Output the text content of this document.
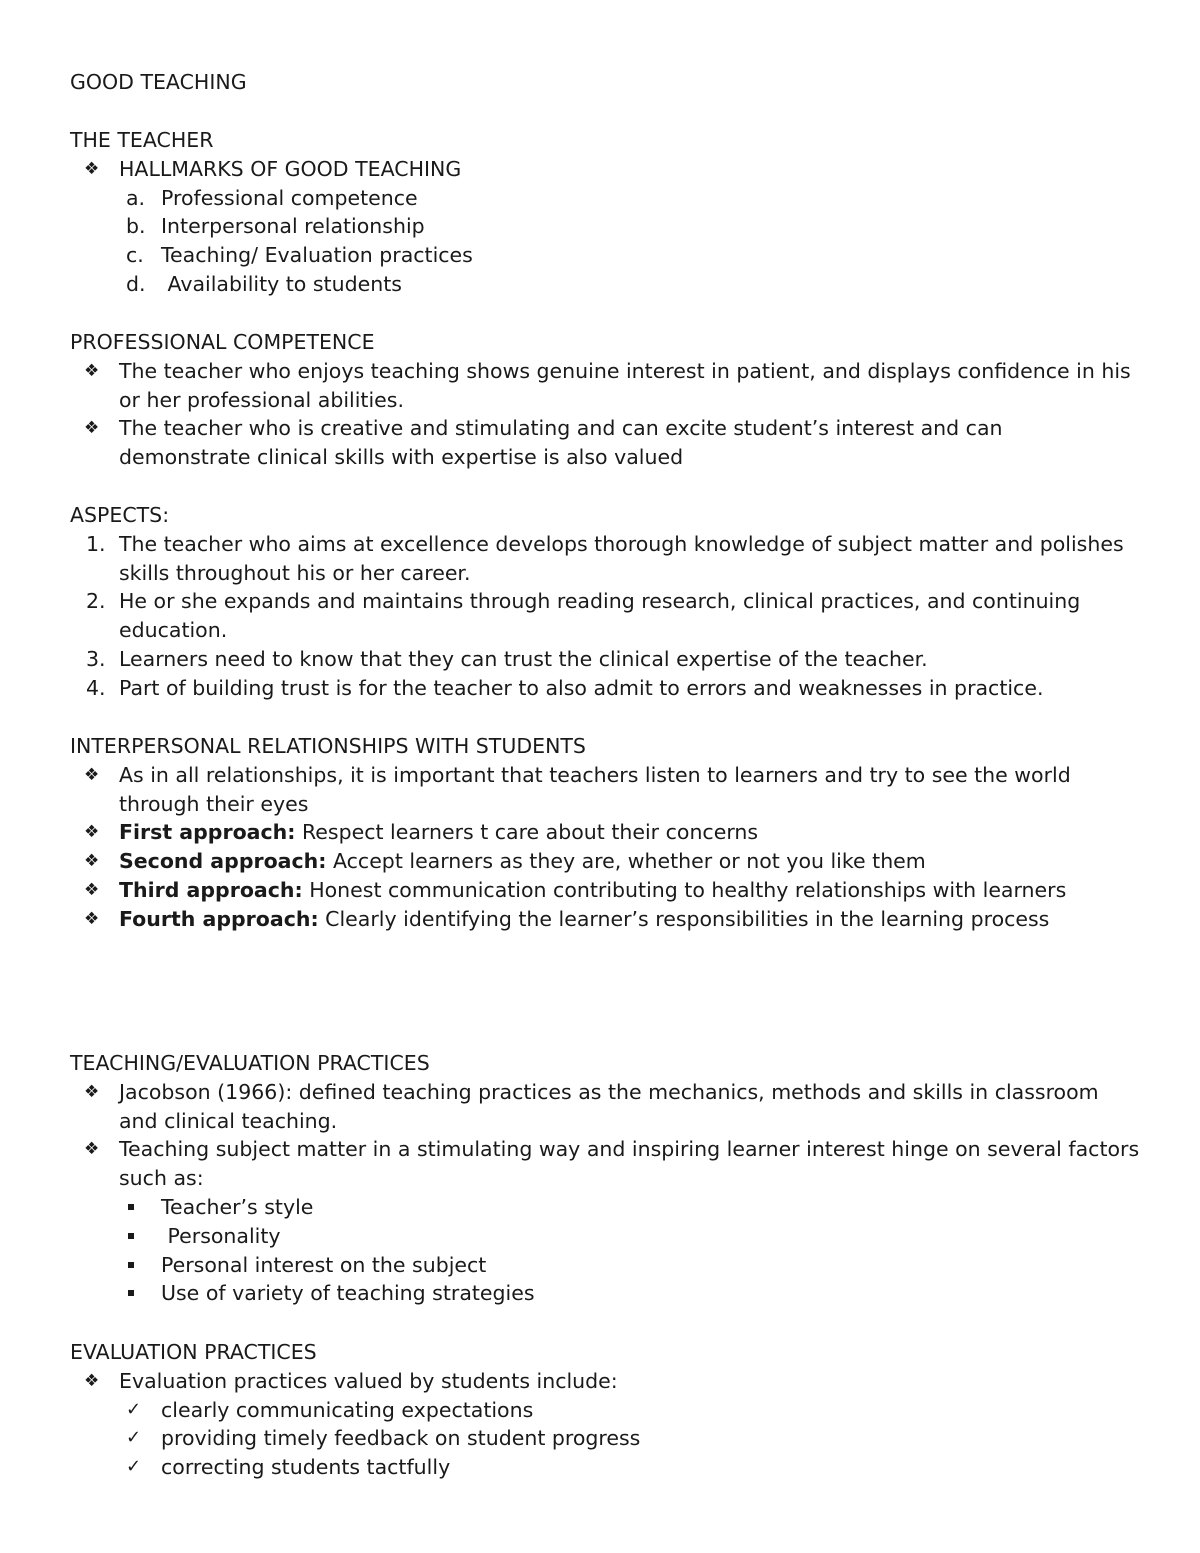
GOOD TEACHING

THE TEACHER

❖ HALLMARKS OF GOOD TEACHING
a. Professional competence
b. Interpersonal relationship
c. Teaching/ Evaluation practices
d. Availability to students

PROFESSIONAL COMPETENCE

❖ The teacher who enjoys teaching shows genuine interest in patient, and displays confidence in his or her professional abilities.
❖ The teacher who is creative and stimulating and can excite student’s interest and can demonstrate clinical skills with expertise is also valued

ASPECTS:

1. The teacher who aims at excellence develops thorough knowledge of subject matter and polishes skills throughout his or her career.
2. He or she expands and maintains through reading research, clinical practices, and continuing education.
3. Learners need to know that they can trust the clinical expertise of the teacher.
4. Part of building trust is for the teacher to also admit to errors and weaknesses in practice.

INTERPERSONAL RELATIONSHIPS WITH STUDENTS

❖ As in all relationships, it is important that teachers listen to learners and try to see the world through their eyes
❖ First approach: Respect learners t care about their concerns
❖ Second approach: Accept learners as they are, whether or not you like them
❖ Third approach: Honest communication contributing to healthy relationships with learners
❖ Fourth approach: Clearly identifying the learner’s responsibilities in the learning process

TEACHING/EVALUATION PRACTICES

❖ Jacobson (1966): defined teaching practices as the mechanics, methods and skills in classroom and clinical teaching.
❖ Teaching subject matter in a stimulating way and inspiring learner interest hinge on several factors such as:
Teacher’s style
Personality
Personal interest on the subject
Use of variety of teaching strategies

EVALUATION PRACTICES

❖ Evaluation practices valued by students include:
✓ clearly communicating expectations
✓ providing timely feedback on student progress
✓ correcting students tactfully
